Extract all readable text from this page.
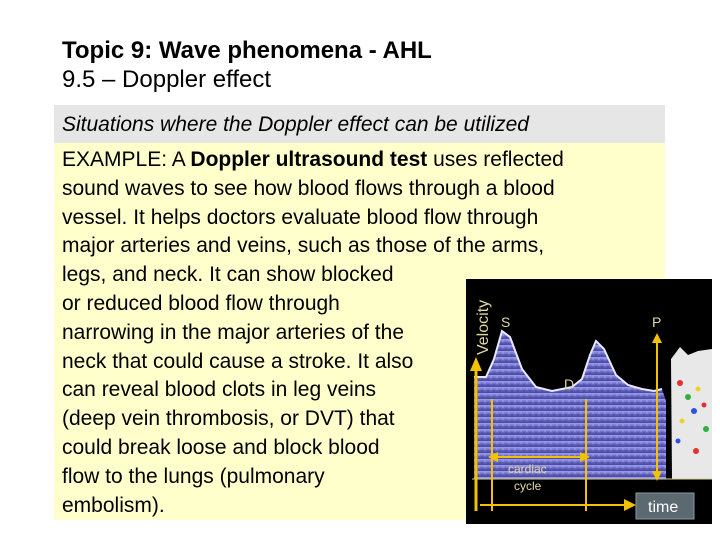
Topic 9: Wave phenomena - AHL
9.5 – Doppler effect
Situations where the Doppler effect can be utilized
EXAMPLE: A Doppler ultrasound test uses reflected
sound waves to see how blood flows through a blood
vessel. It helps doctors evaluate blood flow through
major arteries and veins, such as those of the arms,
legs, and neck. It can show blocked
or reduced blood flow through
narrowing in the major arteries of the
neck that could cause a stroke. It also
can reveal blood clots in leg veins
(deep vein thrombosis, or DVT) that
could break loose and block blood
flow to the lungs (pulmonary
embolism).
Velocity S	P
D
cardiac
cycle
time
